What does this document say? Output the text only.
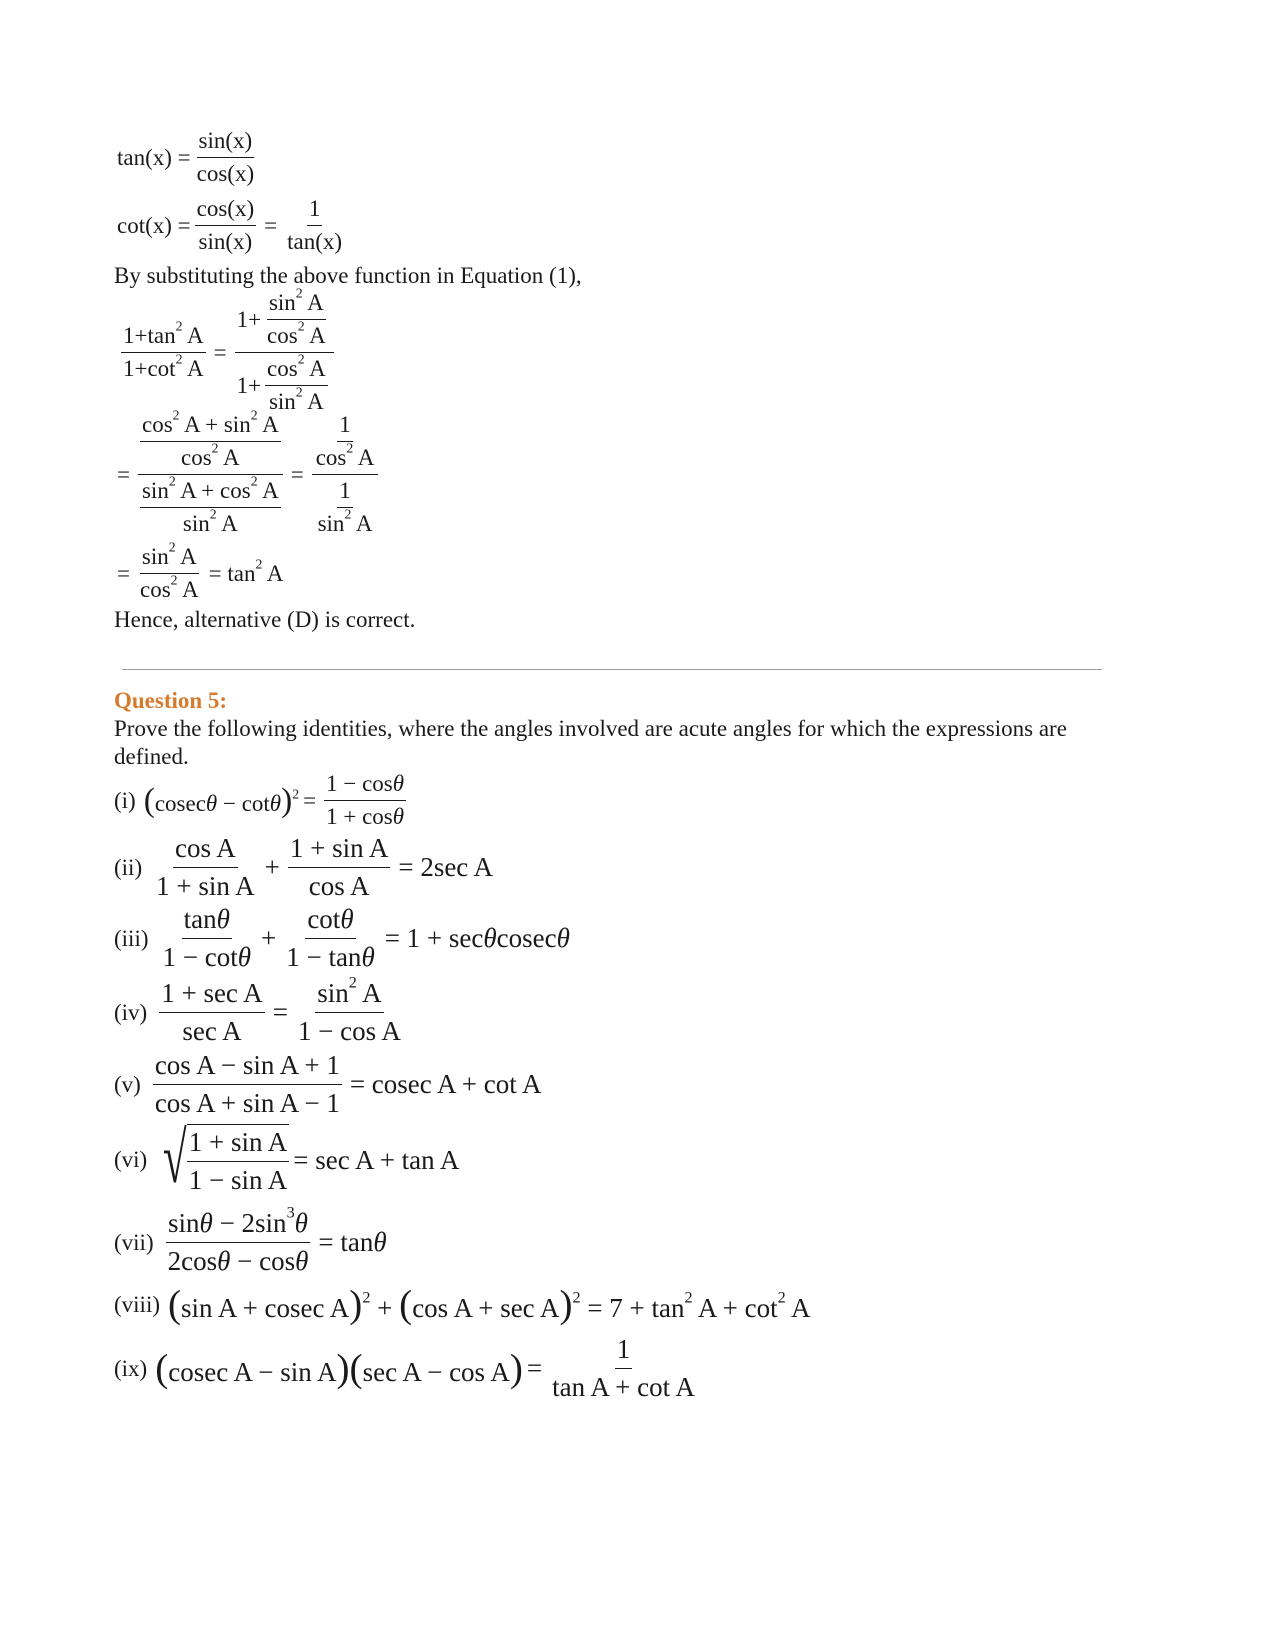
$\tan(x) = \frac{\sin(x)}{\cos(x)}$
$\cot(x) = \frac{\cos(x)}{\sin(x)} = \frac{1}{\tan(x)}$
By substituting the above function in Equation (1),
$\frac{1+\tan^2 A}{1+\cot^2 A} = \frac{1+ \frac{\sin^2 A}{\cos^2 A}}{1+ \frac{\cos^2 A}{\sin^2 A}}$
= $\frac{\frac{\cos^2 A + \sin^2 A}{\cos^2 A}}{\frac{\sin^2 A + \cos^2 A}{\sin^2 A}} = \frac{\frac{1}{\cos^2 A}}{\frac{1}{\sin^2 A}}$
= $\frac{\sin^2 A}{\cos^2 A} = \tan^2 A$
Hence, alternative (D) is correct.
Question 5:
Prove the following identities, where the angles involved are acute angles for which the expressions are
defined.
(i) $(cosec\theta - \cot\theta)^2 = \frac{1 - \cos\theta}{1 + \cos\theta}$
$(ii) \frac{\text{cos A}}{\text{1 + sin A}} + \frac{\text{1 + sin A}}{\text{cos A}} = 2\sec$ A
$(iii) \frac{\tan\theta}{1 - \cot\theta} + \frac{\cot\theta}{1 - \tan\theta} = 1 + \sec\theta cosec\theta$
$(iv) \frac{\text{1 + sec A}}{\text{sec A}} = \frac{\sin^2 A}{\text{1 − cos A}}$
$(v) \frac{\text{cos A − sin A + 1}}{\text{cos A + sin A − 1}} = cosec$ A + cot A
(vi) √ $\frac{\text{1 + sin A}}{\text{1 − sin A}} = \sec A + \tan A$
$(vii) \frac{\sin\theta - 2\sin^3\theta}{2\cos\theta - \cos\theta} = \tan\theta$
(viii) (sin A + cosec A)$^2$ + (cos $A + \sec A)^2 = 7 + \tan^2 A + \cot^2 A$
(ix) (cosec A − sin A)(sec $A - \cos A) = \frac{1}{\text{tan A + cot A}}$
